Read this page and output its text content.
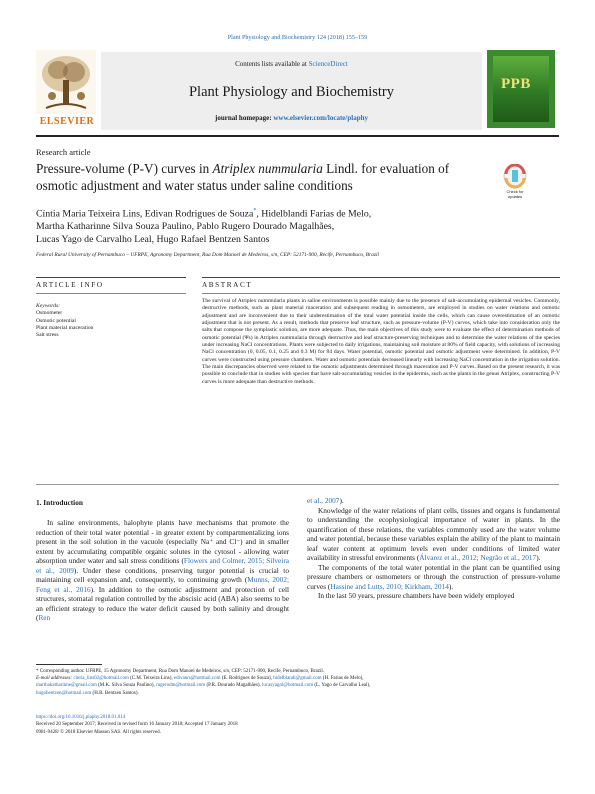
Plant Physiology and Biochemistry 124 (2018) 155–159
ELSEVIER
Contents lists available at ScienceDirect
Plant Physiology and Biochemistry
journal homepage: www.elsevier.com/locate/plaphy
PPB
Research article
Pressure-volume (P-V) curves in Atriplex nummularia Lindl. for evaluation of osmotic adjustment and water status under saline conditions	Check for updates
Cíntia Maria Teixeira Lins, Edivan Rodrigues de Souza*, Hidelblandi Farias de Melo,
Martha Katharinne Silva Souza Paulino, Pablo Rugero Dourado Magalhães,
Lucas Yago de Carvalho Leal, Hugo Rafael Bentzen Santos
Federal Rural University of Pernambuco – UFRPE, Agronomy Department, Rua Dom Manoel de Medeiros, s/n, CEP: 52171-900, Recife, Pernambuco, Brazil
ARTICLE INFO	ABSTRACT
Keywords:
Osmometer
Osmotic potential
Plant material maceration
Salt stress

The survival of Atriplex nummularia plants in saline environments is possible mainly due to the presence of salt-accumulating epidermal vesicles. Commonly, destructive methods, such as plant material maceration and subsequent reading in osmometers, are employed in studies on water relations and osmotic adjustment and are inconvenient due to their underestimation of the total water potential inside the cells, which can cause overestimation of an osmotic adjustment that is not present. As a result, methods that preserve leaf structure, such as pressure-volume (P-V) curves, which take into consideration only the salts that compose the symplastic solution, are more adequate. Thus, the main objectives of this study were to evaluate the effect of determination methods of osmotic potential (Ψs) in Atriplex nummularia through destructive and leaf structure-preserving techniques and to determine the water relations of the species under increasing NaCl concentrations. Plants were subjected to daily irrigations, maintaining soil moisture at 80% of field capacity, with solutions of increasing NaCl concentration (0, 0.05, 0.1, 0.25 and 0.3 M) for 84 days. Water potential, osmotic potential and osmotic adjustment were determined. In addition, P-V curves were constructed using pressure chambers. Water and osmotic potentials decreased linearly with increasing NaCl concentration in the irrigation solution. The main discrepancies observed were related to the osmotic adjustments determined through maceration and P-V curves. Based on the present research, it was possible to conclude that in studies with species that have salt-accumulating vesicles in the epidermis, such as the plants in the genus Atriplex, constructing P-V curves is more adequate than destructive methods.

1. Introduction

In saline environments, halophyte plants have mechanisms that promote the reduction of their total water potential - in greater extent by compartmentalizing ions present in the soil solution in the vacuole (especially Na⁺ and Cl⁻) and in smaller extent by accumulating compatible organic solutes in the cytosol - allowing water absorption under water and salt stress conditions (Flowers and Colmer, 2015; Silveira et al., 2009). Under these conditions, preserving turgor potential is crucial to maintaining cell expansion and, consequently, to continuing growth (Munns, 2002; Feng et al., 2016). In addition to the osmotic adjustment and protection of cell structures, stomatal regulation controlled by the abscisic acid (ABA) also seems to be an efficient strategy to reduce the water deficit caused by both salinity and drought (Ren

et al., 2007).

Knowledge of the water relations of plant cells, tissues and organs is fundamental to understanding the ecophysiological importance of water in plants. In the quantification of these relations, the variables commonly used are the water volume and water potential, because these variables explain the ability of the plant to maintain leaf water content at optimum levels even under conditions of limited water availability in stressful environments (Álvarez et al., 2012; Negrão et al., 2017).

The components of the total water potential in the plant can be quantified using pressure chambers or osmometers or through the construction of pressure-volume curves (Hassine and Lutts, 2010; Kirkham, 2014).

In the last 50 years, pressure chambers have been widely employed

* Corresponding author. UFRPE, 15 Agronomy Department, Rua Dom Manoel de Medeiros, s/n, CEP: 52171-900, Recife, Pernambuco, Brazil.

E-mail addresses: cintia_lins02@hotmail.com (C.M. Teixeira Lins), edivanrs@hotmail.com (E. Rodrigues de Souza), hidelblandi@gmail.com (H. Farias de Melo),

marthakatharinne@gmail.com (M.K. Silva Souza Paulino), rugerodm@hotmail.com (P.R. Dourado Magalhães), lucasyagol@hotmail.com (L. Yago de Carvalho Leal),

hugobentzen@hotmail.com (H.R. Bentzen Santos).

https://doi.org/10.1016/j.plaphy.2018.01.014

Received 20 September 2017; Received in revised form 16 January 2018; Accepted 17 January 2018

0981-9428/ © 2018 Elsevier Masson SAS. All rights reserved.
